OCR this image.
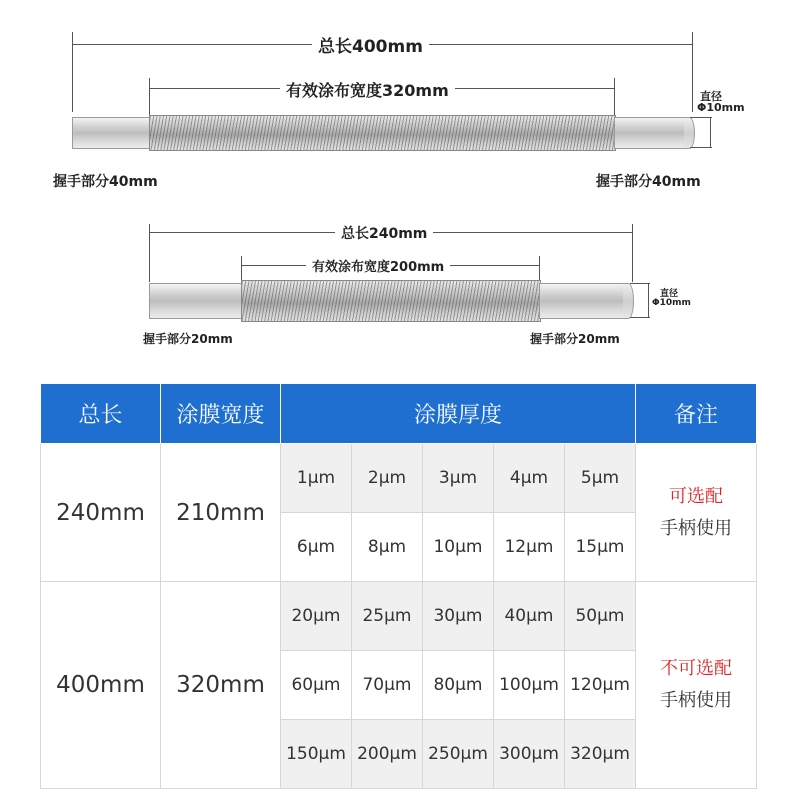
总长400mm
有效涂布宽度320mm	直径
Φ10mm
握手部分40mm	握手部分40mm
总长240mm
有效涂布宽度200mm
直径
Φ10mm
握手部分20mm	握手部分20mm
总长	涂膜宽度	涂膜厚度					备注
240mm	210mm	1μm	2μm	3μm	4μm	5μm	可选配
手柄使用

		6μm	8μm	10μm	12μm	15μm	
400mm	320mm	20μm	25μm	30μm	40μm	50μm	不可选配
手柄使用

		60μm	70μm	80μm	100μm	120μm	
		150μm	200μm	250μm	300μm	320μm	
